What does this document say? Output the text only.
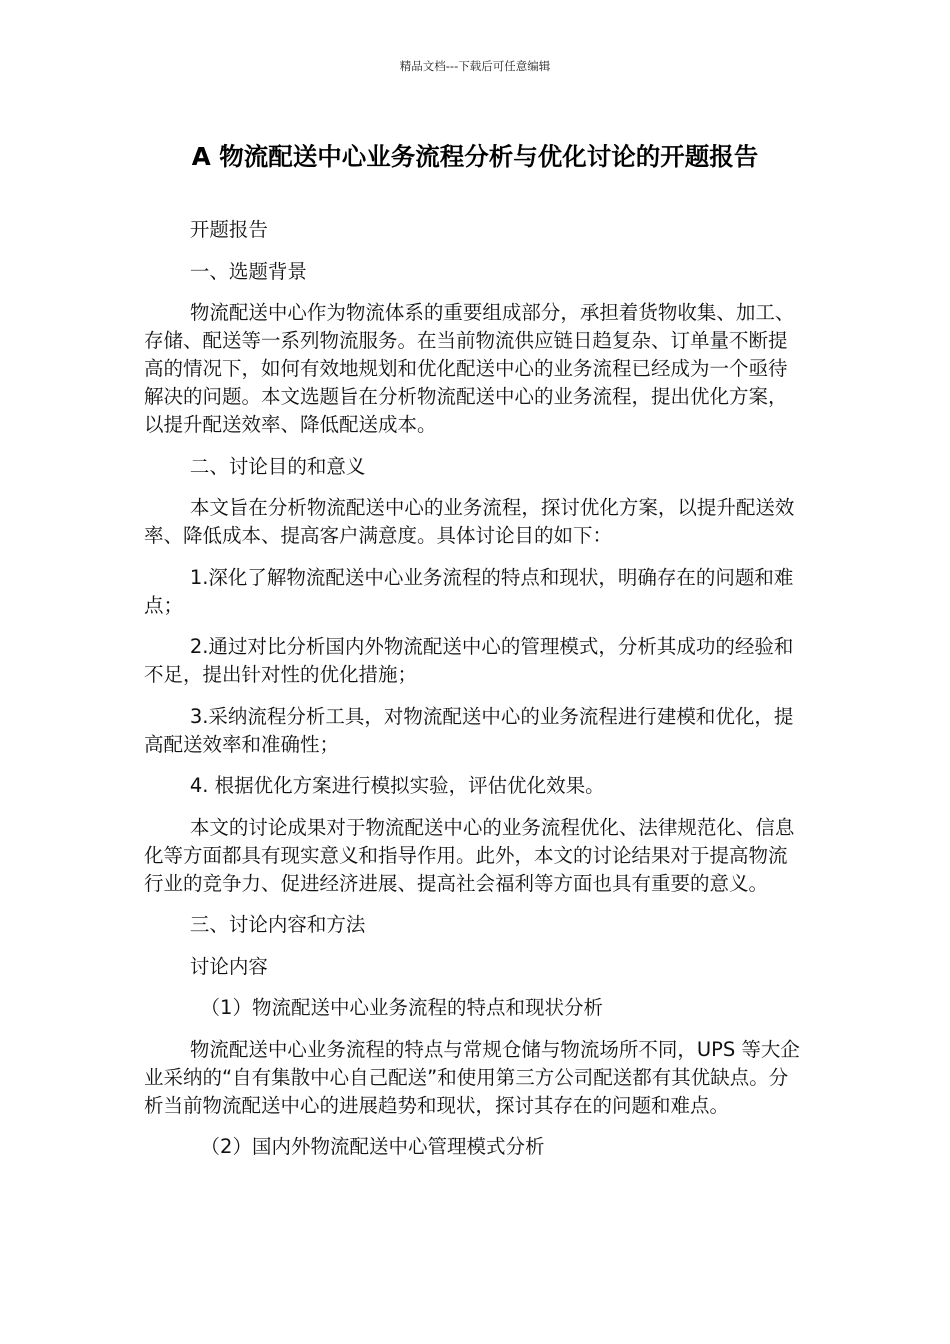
精品文档---下载后可任意编辑
A 物流配送中心业务流程分析与优化讨论的开题报告

开题报告

一、选题背景

物流配送中心作为物流体系的重要组成部分，承担着货物收集、加工、存储、配送等一系列物流服务。在当前物流供应链日趋复杂、订单量不断提高的情况下，如何有效地规划和优化配送中心的业务流程已经成为一个亟待解决的问题。本文选题旨在分析物流配送中心的业务流程，提出优化方案，以提升配送效率、降低配送成本。

二、讨论目的和意义

本文旨在分析物流配送中心的业务流程，探讨优化方案，以提升配送效率、降低成本、提高客户满意度。具体讨论目的如下：

1.深化了解物流配送中心业务流程的特点和现状，明确存在的问题和难点；

2.通过对比分析国内外物流配送中心的管理模式，分析其成功的经验和不足，提出针对性的优化措施；

3.采纳流程分析工具，对物流配送中心的业务流程进行建模和优化，提高配送效率和准确性；

4. 根据优化方案进行模拟实验，评估优化效果。

本文的讨论成果对于物流配送中心的业务流程优化、法律规范化、信息化等方面都具有现实意义和指导作用。此外，本文的讨论结果对于提高物流行业的竞争力、促进经济进展、提高社会福利等方面也具有重要的意义。

三、讨论内容和方法

讨论内容

（1）物流配送中心业务流程的特点和现状分析

物流配送中心业务流程的特点与常规仓储与物流场所不同，UPS 等大企业采纳的“自有集散中心自己配送”和使用第三方公司配送都有其优缺点。分析当前物流配送中心的进展趋势和现状，探讨其存在的问题和难点。

（2）国内外物流配送中心管理模式分析
